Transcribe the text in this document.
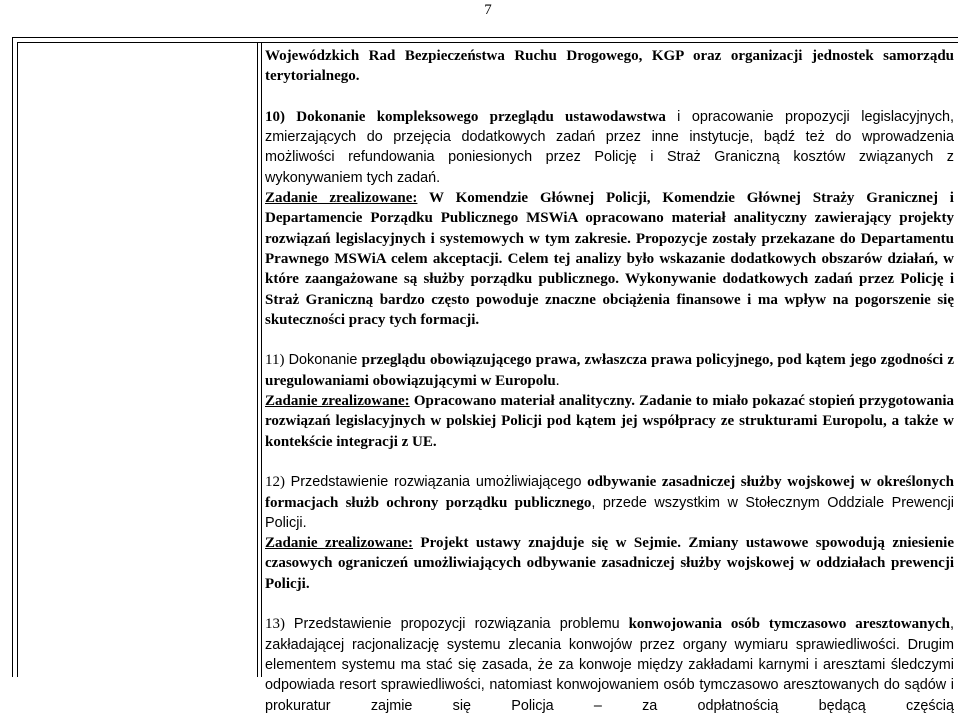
7

Wojewódzkich Rad Bezpieczeństwa Ruchu Drogowego, KGP oraz organizacji jednostek samorządu terytorialnego.

10) Dokonanie kompleksowego przeglądu ustawodawstwa i opracowanie propozycji legislacyjnych, zmierzających do przejęcia dodatkowych zadań przez inne instytucje, bądź też do wprowadzenia możliwości refundowania poniesionych przez Policję i Straż Graniczną kosztów związanych z wykonywaniem tych zadań.

Zadanie zrealizowane: W Komendzie Głównej Policji, Komendzie Głównej Straży Granicznej i Departamencie Porządku Publicznego MSWiA opracowano materiał analityczny zawierający projekty rozwiązań legislacyjnych i systemowych w tym zakresie. Propozycje zostały przekazane do Departamentu Prawnego MSWiA celem akceptacji. Celem tej analizy było wskazanie dodatkowych obszarów działań, w które zaangażowane są służby porządku publicznego. Wykonywanie dodatkowych zadań przez Policję i Straż Graniczną bardzo często powoduje znaczne obciążenia finansowe i ma wpływ na pogorszenie się skuteczności pracy tych formacji.

11) Dokonanie przeglądu obowiązującego prawa, zwłaszcza prawa policyjnego, pod kątem jego zgodności z uregulowaniami obowiązującymi w Europolu.

Zadanie zrealizowane: Opracowano materiał analityczny. Zadanie to miało pokazać stopień przygotowania rozwiązań legislacyjnych w polskiej Policji pod kątem jej współpracy ze strukturami Europolu, a także w kontekście integracji z UE.

12) Przedstawienie rozwiązania umożliwiającego odbywanie zasadniczej służby wojskowej w określonych formacjach służb ochrony porządku publicznego, przede wszystkim w Stołecznym Oddziale Prewencji Policji.

Zadanie zrealizowane: Projekt ustawy znajduje się w Sejmie. Zmiany ustawowe spowodują zniesienie czasowych ograniczeń umożliwiających odbywanie zasadniczej służby wojskowej w oddziałach prewencji Policji.

13) Przedstawienie propozycji rozwiązania problemu konwojowania osób tymczasowo aresztowanych, zakładającej racjonalizację systemu zlecania konwojów przez organy wymiaru sprawiedliwości. Drugim elementem systemu ma stać się zasada, że za konwoje między zakładami karnymi i aresztami śledczymi odpowiada resort sprawiedliwości, natomiast konwojowaniem osób tymczasowo aresztowanych do sądów i prokuratur zajmie się Policja – za odpłatnością będącą częścią
